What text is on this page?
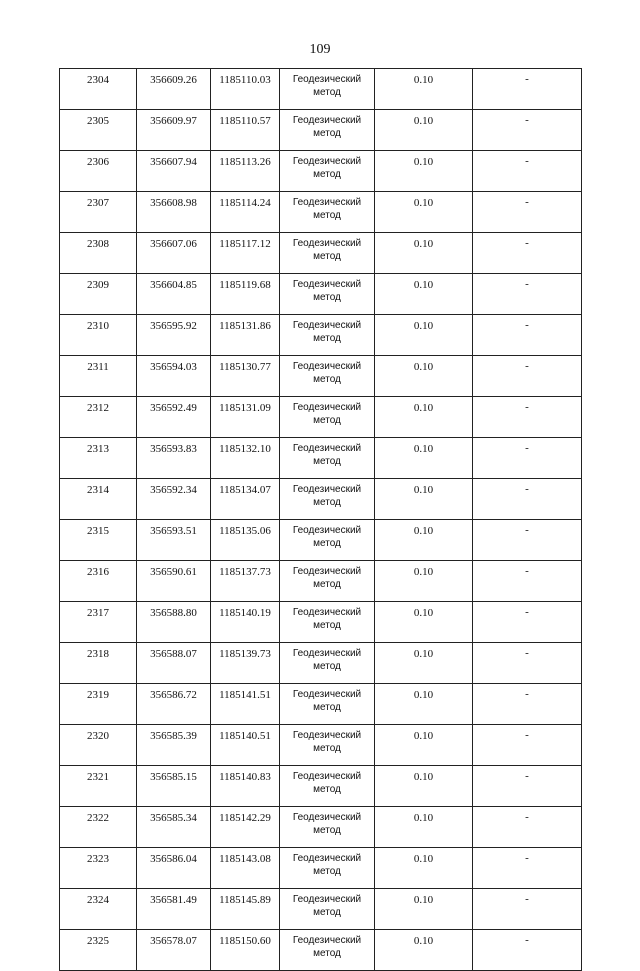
109
2304	356609.26	1185110.03	Геодезический метод	0.10	-
2305	356609.97	1185110.57	Геодезический метод	0.10	-
2306	356607.94	1185113.26	Геодезический метод	0.10	-
2307	356608.98	1185114.24	Геодезический метод	0.10	-
2308	356607.06	1185117.12	Геодезический метод	0.10	-
2309	356604.85	1185119.68	Геодезический метод	0.10	-
2310	356595.92	1185131.86	Геодезический метод	0.10	-
2311	356594.03	1185130.77	Геодезический метод	0.10	-
2312	356592.49	1185131.09	Геодезический метод	0.10	-
2313	356593.83	1185132.10	Геодезический метод	0.10	-
2314	356592.34	1185134.07	Геодезический метод	0.10	-
2315	356593.51	1185135.06	Геодезический метод	0.10	-
2316	356590.61	1185137.73	Геодезический метод	0.10	-
2317	356588.80	1185140.19	Геодезический метод	0.10	-
2318	356588.07	1185139.73	Геодезический метод	0.10	-
2319	356586.72	1185141.51	Геодезический метод	0.10	-
2320	356585.39	1185140.51	Геодезический метод	0.10	-
2321	356585.15	1185140.83	Геодезический метод	0.10	-
2322	356585.34	1185142.29	Геодезический метод	0.10	-
2323	356586.04	1185143.08	Геодезический метод	0.10	-
2324	356581.49	1185145.89	Геодезический метод	0.10	-
2325	356578.07	1185150.60	Геодезический метод	0.10	-
